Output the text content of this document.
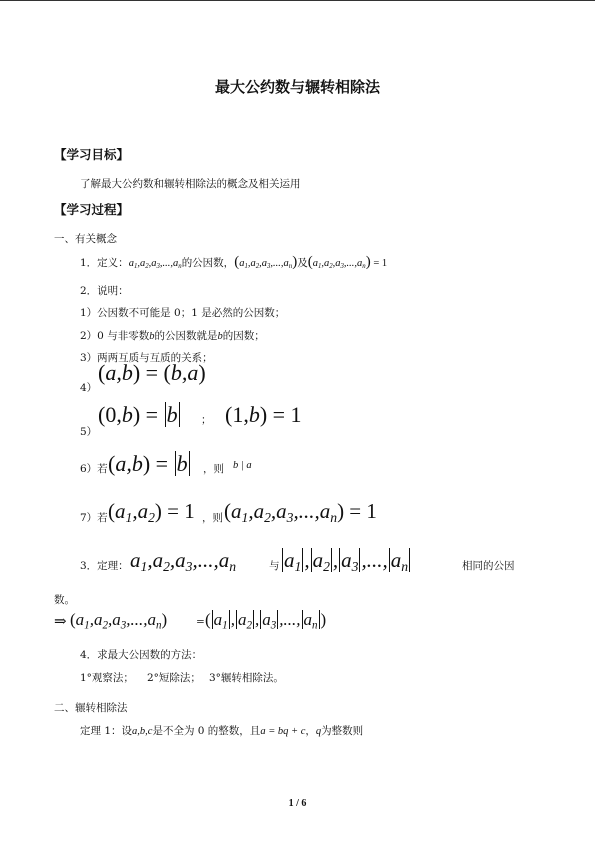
最大公约数与辗转相除法
【学习目标】
了解最大公约数和辗转相除法的概念及相关运用
【学习过程】
一、有关概念
1．定义：$a_1,a_2,a_3,...,a_n$的公因数，$(a_1,a_2,a_3,...,a_n)$及$(a_1,a_2,a_3,...,a_n) = 1$
2．说明：
1）公因数不可能是 0；1 是必然的公因数；
2）0 与非零数b的公因数就是b的因数；
3）两两互质与互质的关系；
4）
(a,b) = (b,a)
5）
(0,b) = b ； (1,b) = 1
6）若 (a,b) = b ，则 b | a
7）若 $(a_1,a_2) = 1$ ，则 $(a_1,a_2,a_3,...,a_n) = 1$
3．定理： $a_1,a_2,a_3,...,a_n$	与 $a_1$ , $a_2$ , $a_3$ ,..., $a_n$	相同的公因
数。
⇒ $(a_1,a_2,a_3,...,a_n)$	= ( $a_1$ , $a_2$ , $a_3$ ,..., $a_n$ )
4．求最大公因数的方法：
1°观察法； 2°短除法； 3°辗转相除法。
二、辗转相除法
定理 1：设a,b,c是不全为 0 的整数，且a = bq + c，q为整数则
1 / 6
